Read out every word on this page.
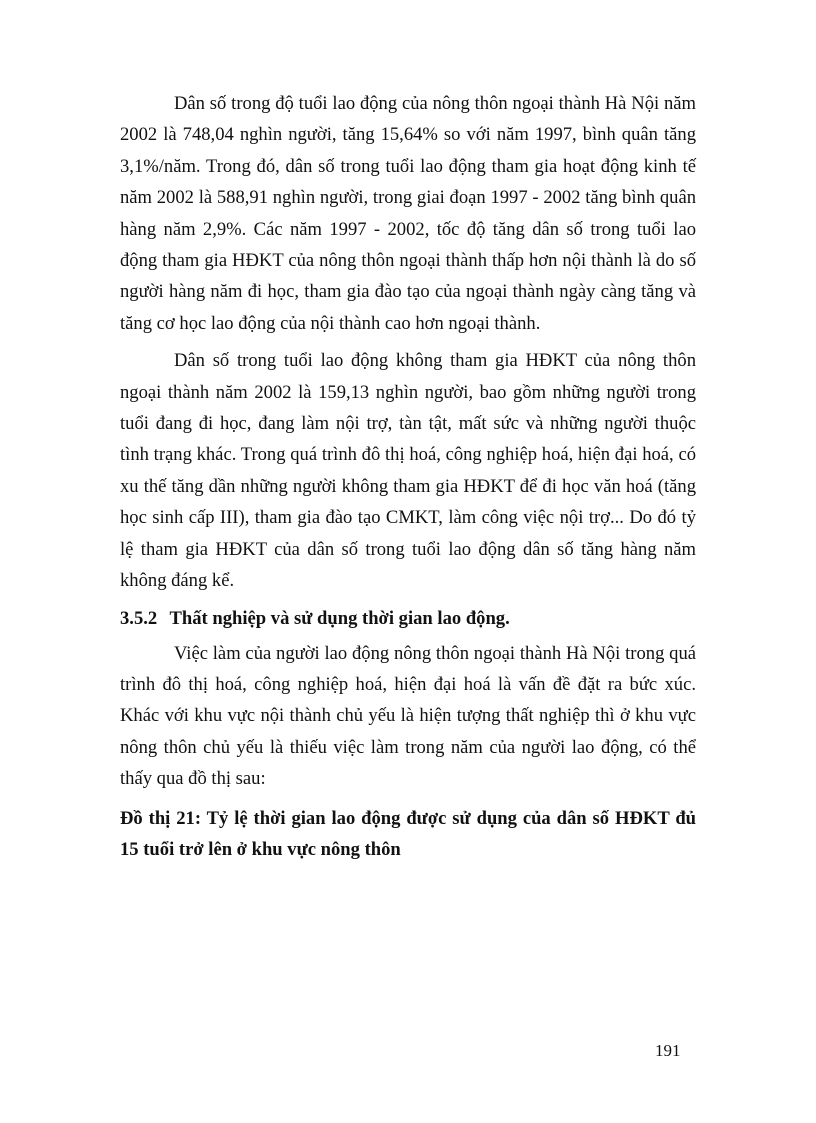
Dân số trong độ tuổi lao động của nông thôn ngoại thành Hà Nội năm 2002 là 748,04 nghìn người, tăng 15,64% so với năm 1997, bình quân tăng 3,1%/năm. Trong đó, dân số trong tuổi lao động tham gia hoạt động kinh tế năm 2002 là 588,91 nghìn người, trong giai đoạn 1997 - 2002 tăng bình quân hàng năm 2,9%. Các năm 1997 - 2002, tốc độ tăng dân số trong tuổi lao động tham gia HĐKT của nông thôn ngoại thành thấp hơn nội thành là do số người hàng năm đi học, tham gia đào tạo của ngoại thành ngày càng tăng và tăng cơ học lao động của nội thành cao hơn ngoại thành.

Dân số trong tuổi lao động không tham gia HĐKT của nông thôn ngoại thành năm 2002 là 159,13 nghìn người, bao gồm những người trong tuổi đang đi học, đang làm nội trợ, tàn tật, mất sức và những người thuộc tình trạng khác. Trong quá trình đô thị hoá, công nghiệp hoá, hiện đại hoá, có xu thế tăng dần những người không tham gia HĐKT để đi học văn hoá (tăng học sinh cấp III), tham gia đào tạo CMKT, làm công việc nội trợ... Do đó tỷ lệ tham gia HĐKT của dân số trong tuổi lao động dân số tăng hàng năm không đáng kể.

3.5.2 Thất nghiệp và sử dụng thời gian lao động.

Việc làm của người lao động nông thôn ngoại thành Hà Nội trong quá trình đô thị hoá, công nghiệp hoá, hiện đại hoá là vấn đề đặt ra bức xúc. Khác với khu vực nội thành chủ yếu là hiện tượng thất nghiệp thì ở khu vực nông thôn chủ yếu là thiếu việc làm trong năm của người lao động, có thể thấy qua đồ thị sau:

Đồ thị 21: Tỷ lệ thời gian lao động được sử dụng của dân số HĐKT đủ 15 tuổi trở lên ở khu vực nông thôn

191
